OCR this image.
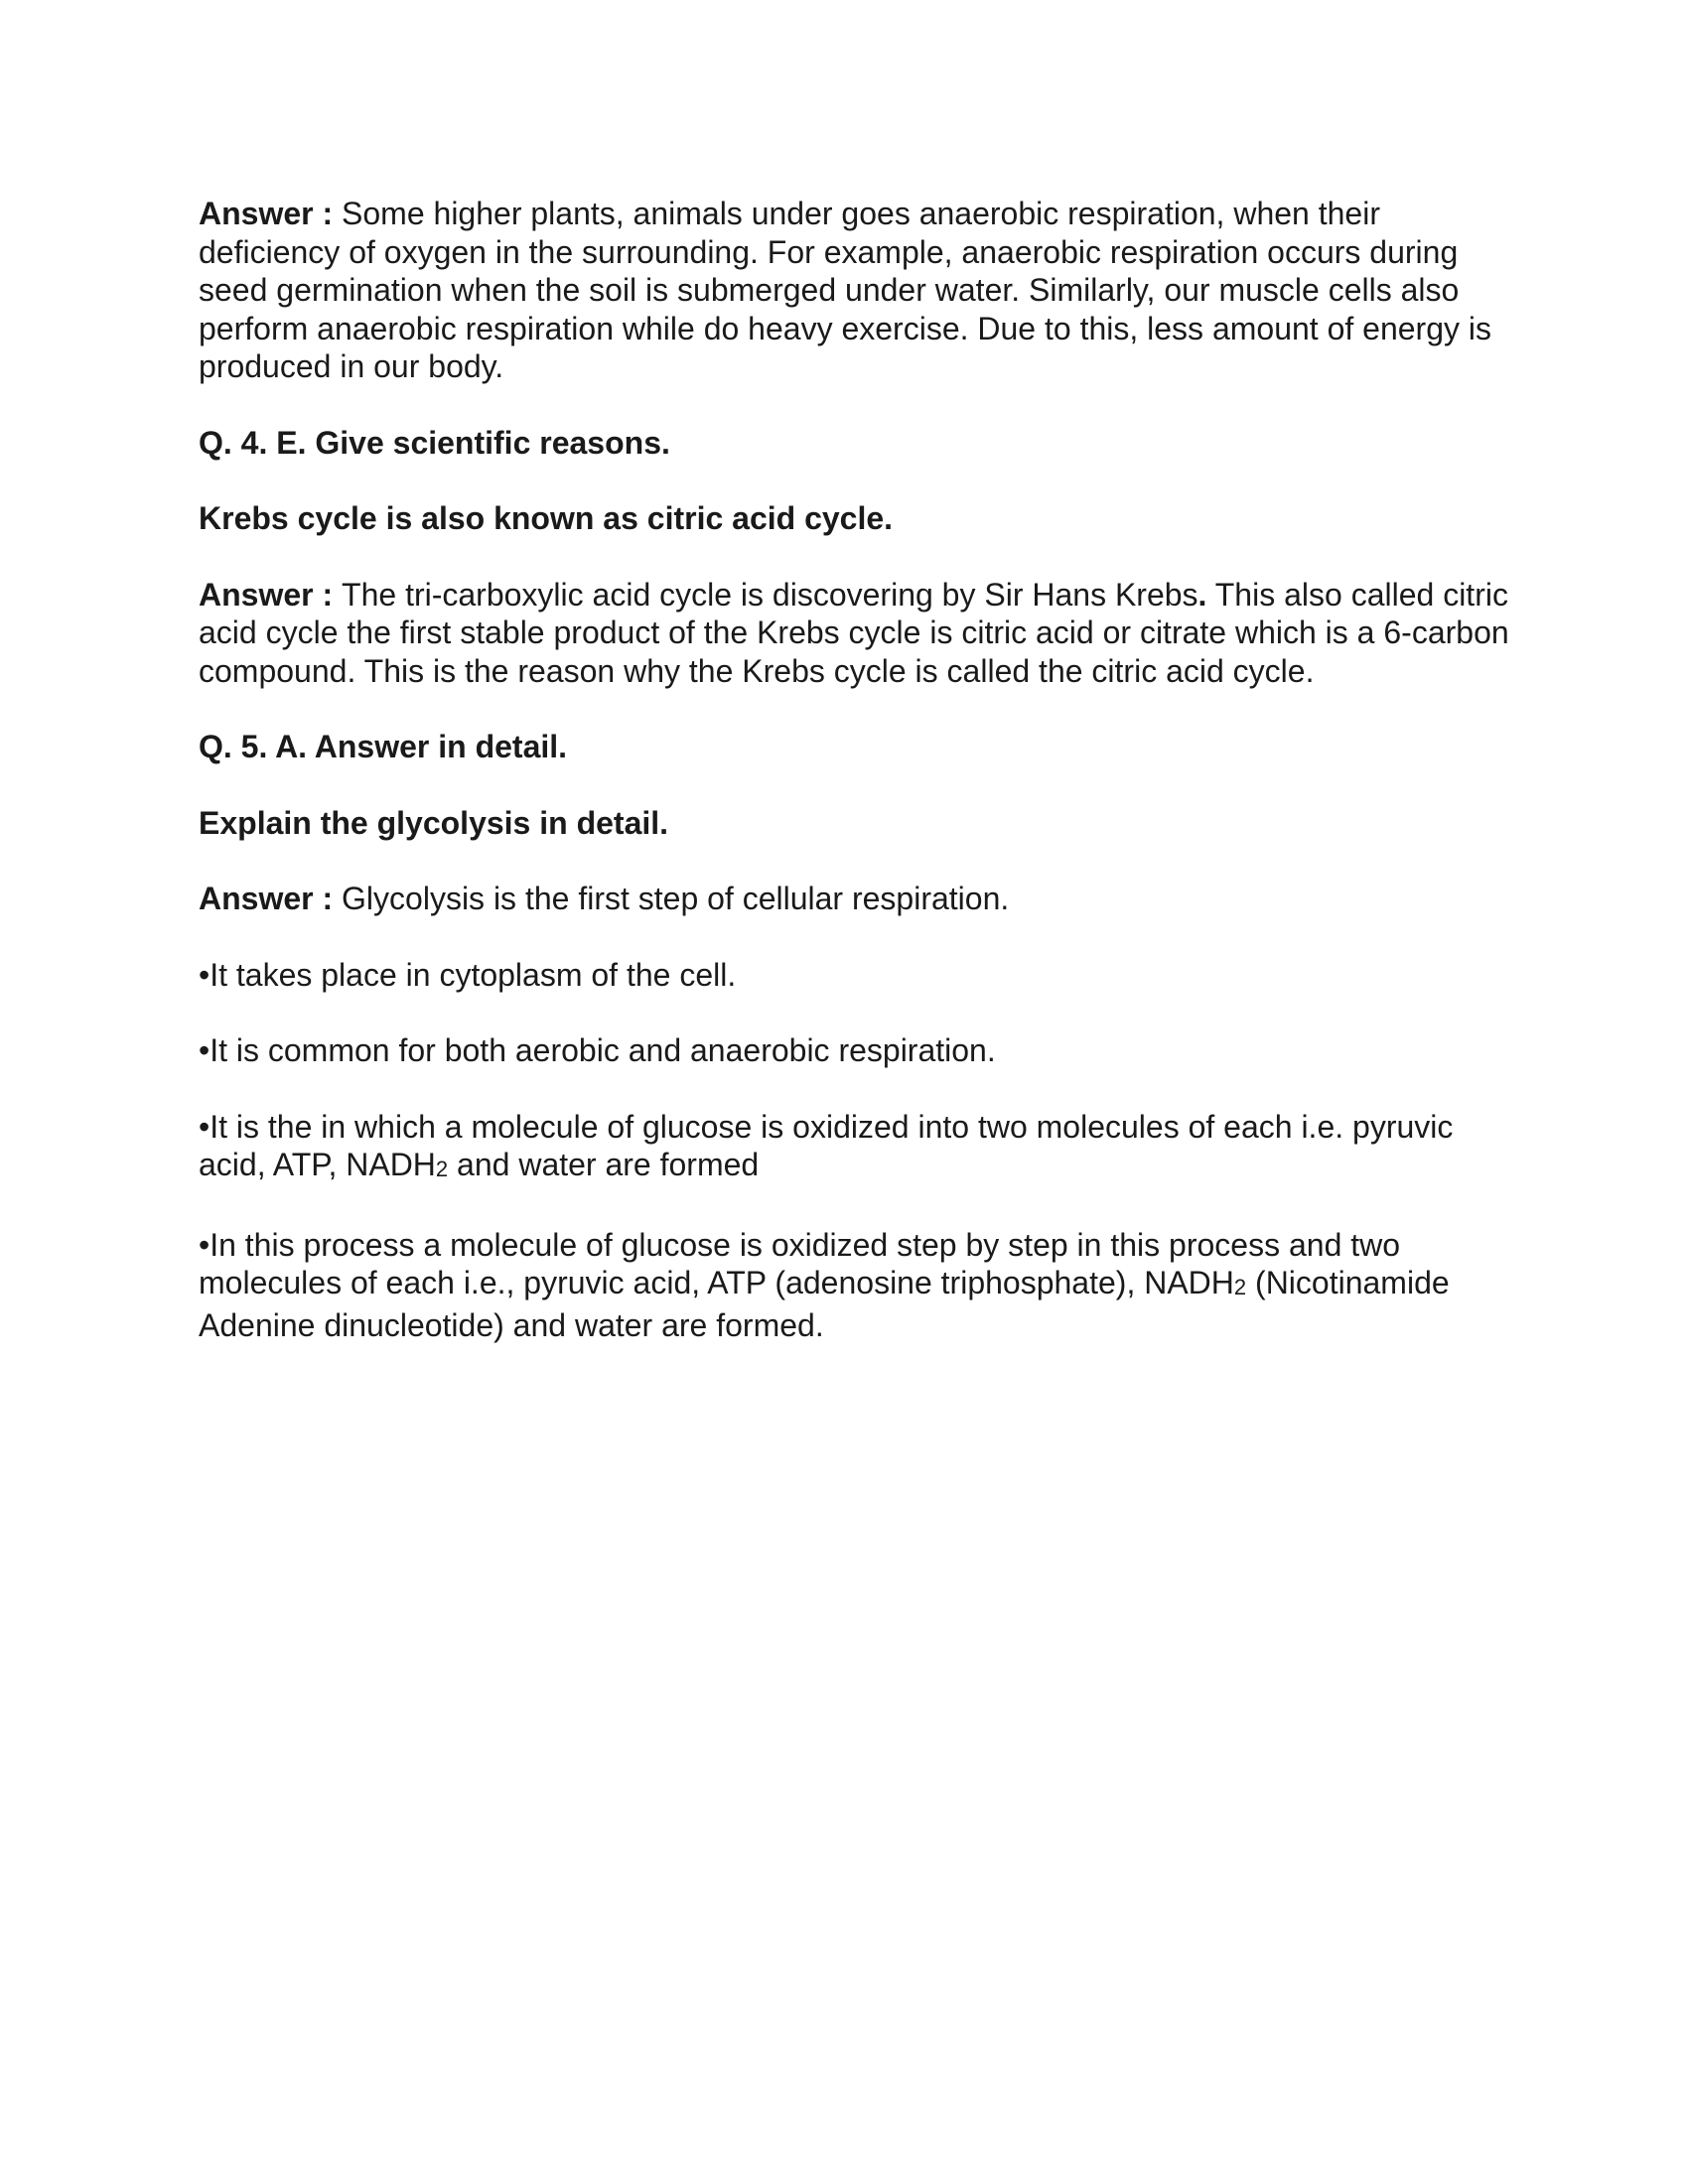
Answer : Some higher plants, animals under goes anaerobic respiration, when their deficiency of oxygen in the surrounding. For example, anaerobic respiration occurs during seed germination when the soil is submerged under water. Similarly, our muscle cells also perform anaerobic respiration while do heavy exercise. Due to this, less amount of energy is produced in our body.

Q. 4. E. Give scientific reasons.

Krebs cycle is also known as citric acid cycle.

Answer : The tri-carboxylic acid cycle is discovering by Sir Hans Krebs. This also called citric acid cycle the first stable product of the Krebs cycle is citric acid or citrate which is a 6-carbon compound. This is the reason why the Krebs cycle is called the citric acid cycle.

Q. 5. A. Answer in detail.

Explain the glycolysis in detail.

Answer : Glycolysis is the first step of cellular respiration.

•It takes place in cytoplasm of the cell.

•It is common for both aerobic and anaerobic respiration.

•It is the in which a molecule of glucose is oxidized into two molecules of each i.e. pyruvic acid, ATP, $NADH_2$ and water are formed

•In this process a molecule of glucose is oxidized step by step in this process and two molecules of each i.e., pyruvic acid, ATP (adenosine triphosphate), $NADH_2$ (Nicotinamide Adenine dinucleotide) and water are formed.
